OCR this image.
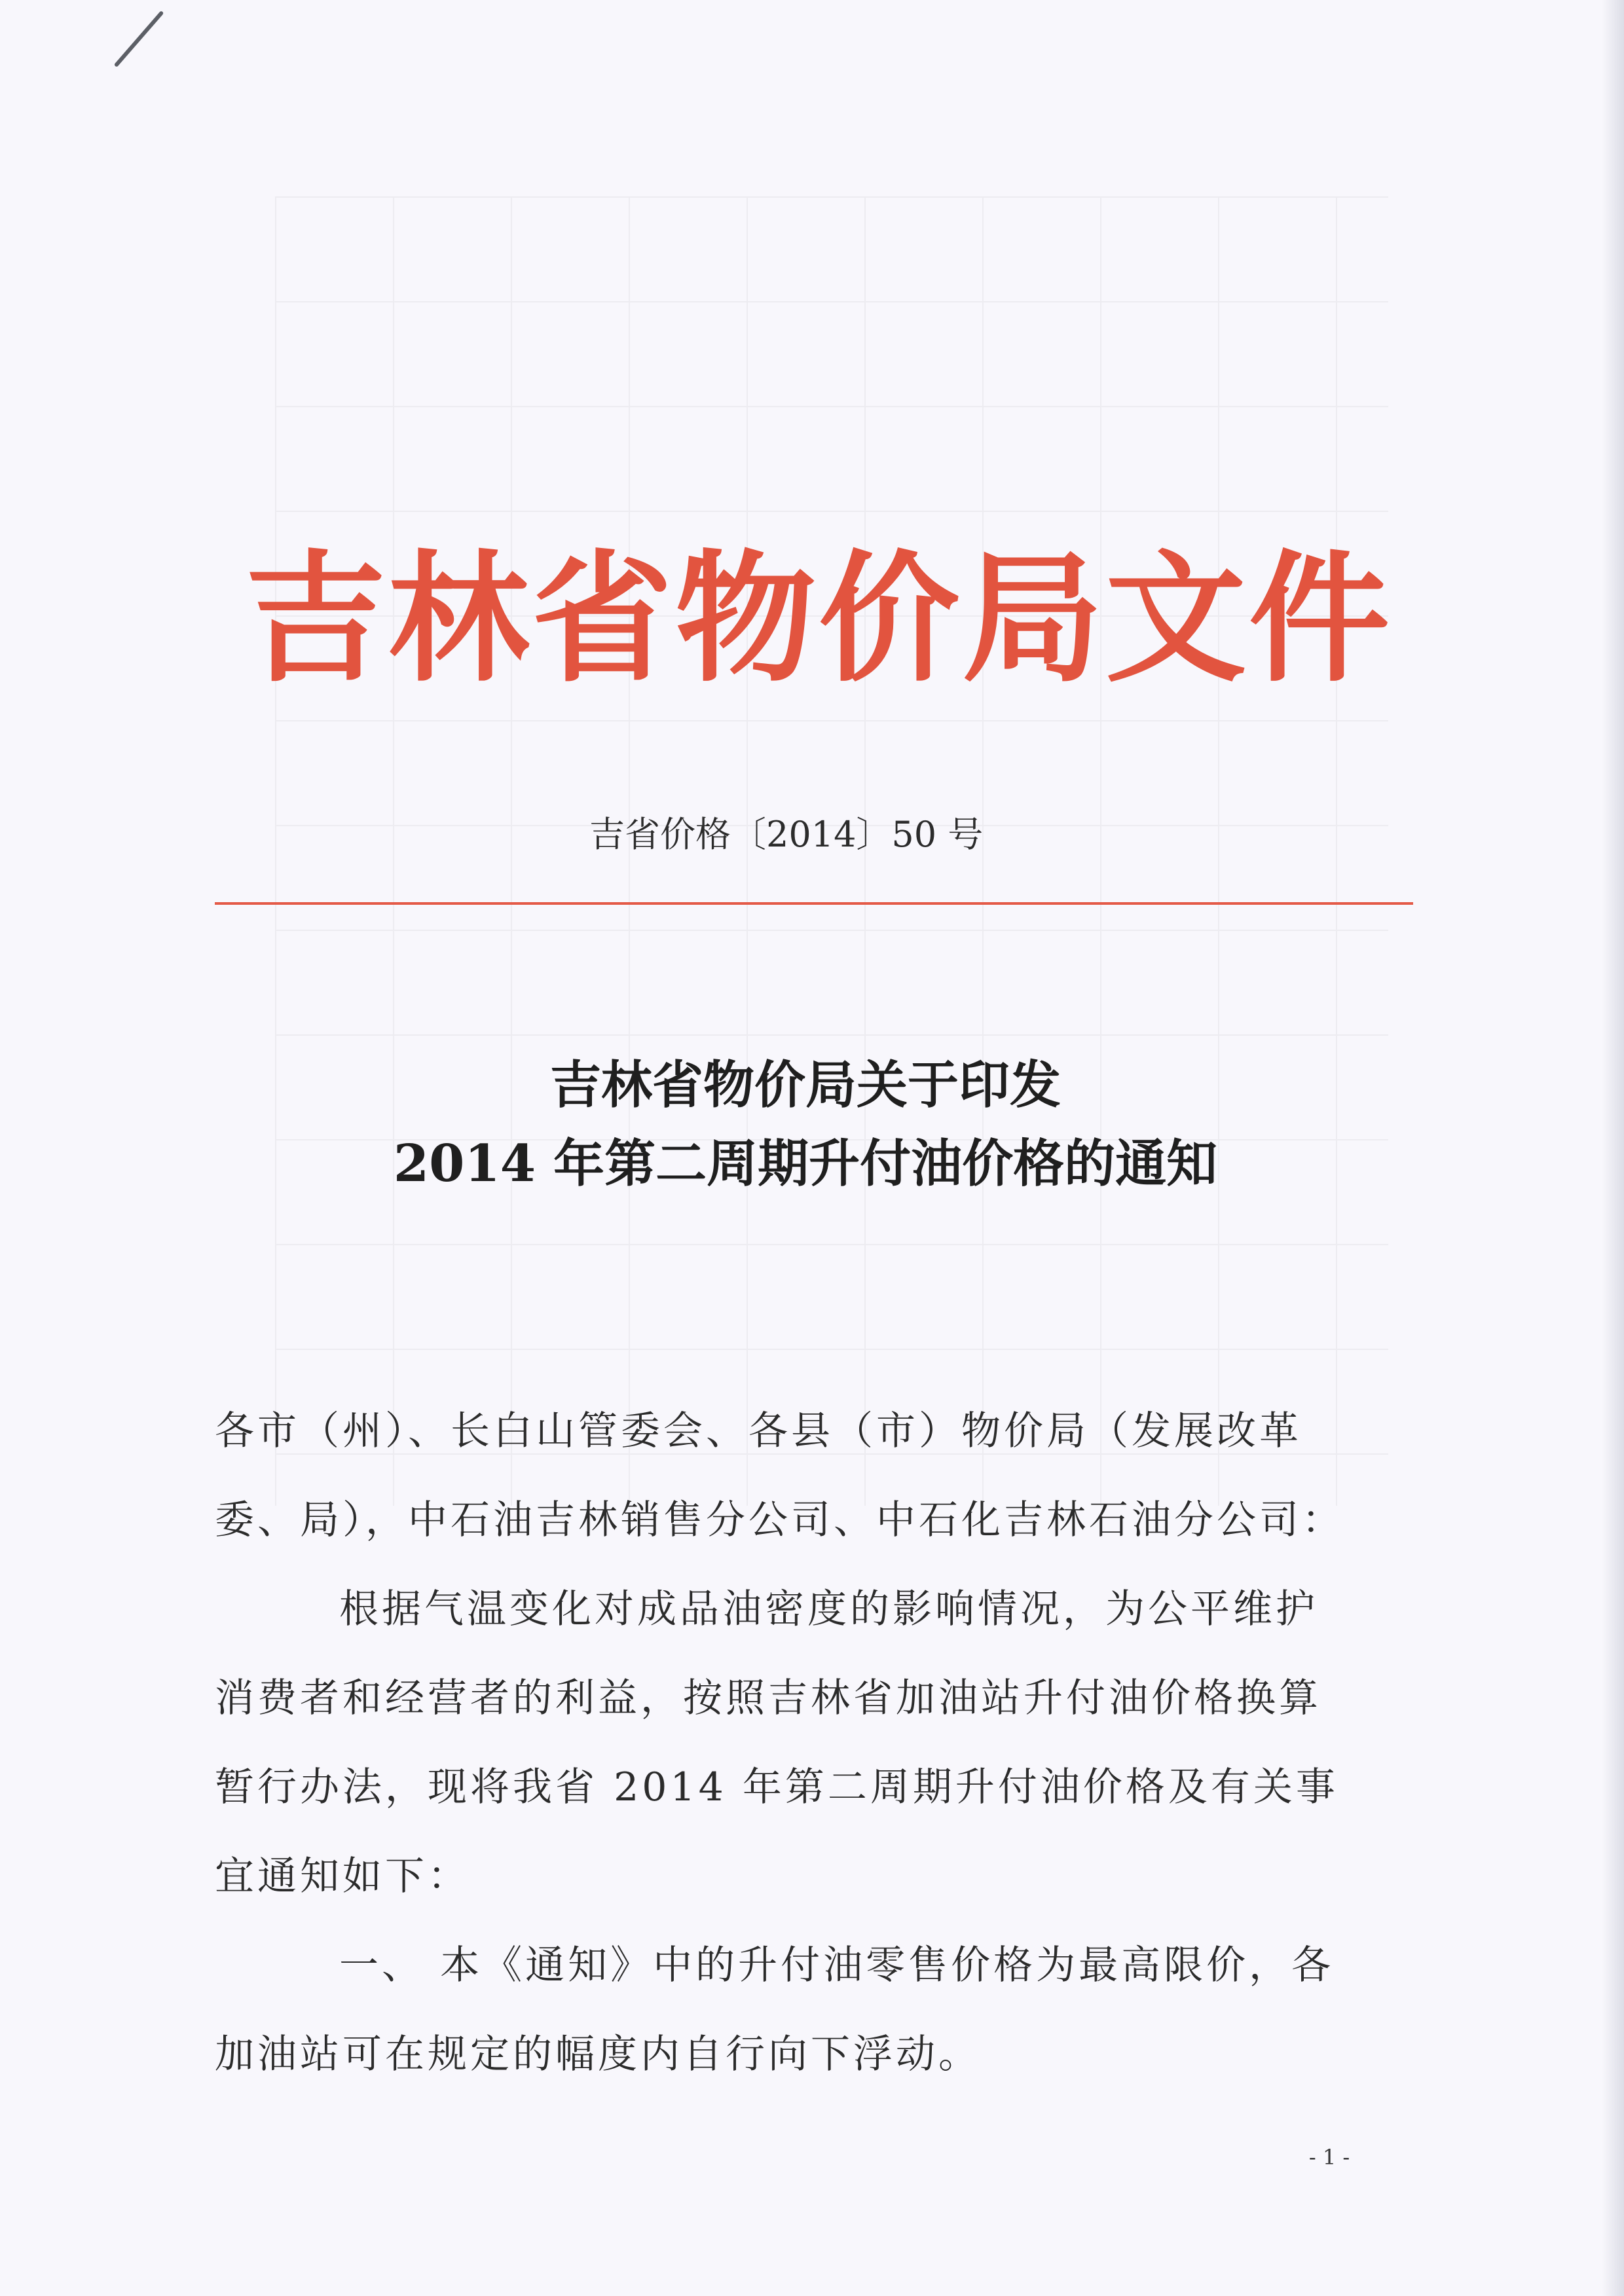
吉林省物价局文件
吉省价格〔2014〕50 号
吉林省物价局关于印发
2014 年第二周期升付油价格的通知
各市（州）、长白山管委会、各县（市）物价局（发展改革
委、局），中石油吉林销售分公司、中石化吉林石油分公司：
根据气温变化对成品油密度的影响情况，为公平维护
消费者和经营者的利益，按照吉林省加油站升付油价格换算
暂行办法，现将我省 2014 年第二周期升付油价格及有关事
宜通知如下：
一、 本《通知》中的升付油零售价格为最高限价，各
加油站可在规定的幅度内自行向下浮动。
- 1 -
